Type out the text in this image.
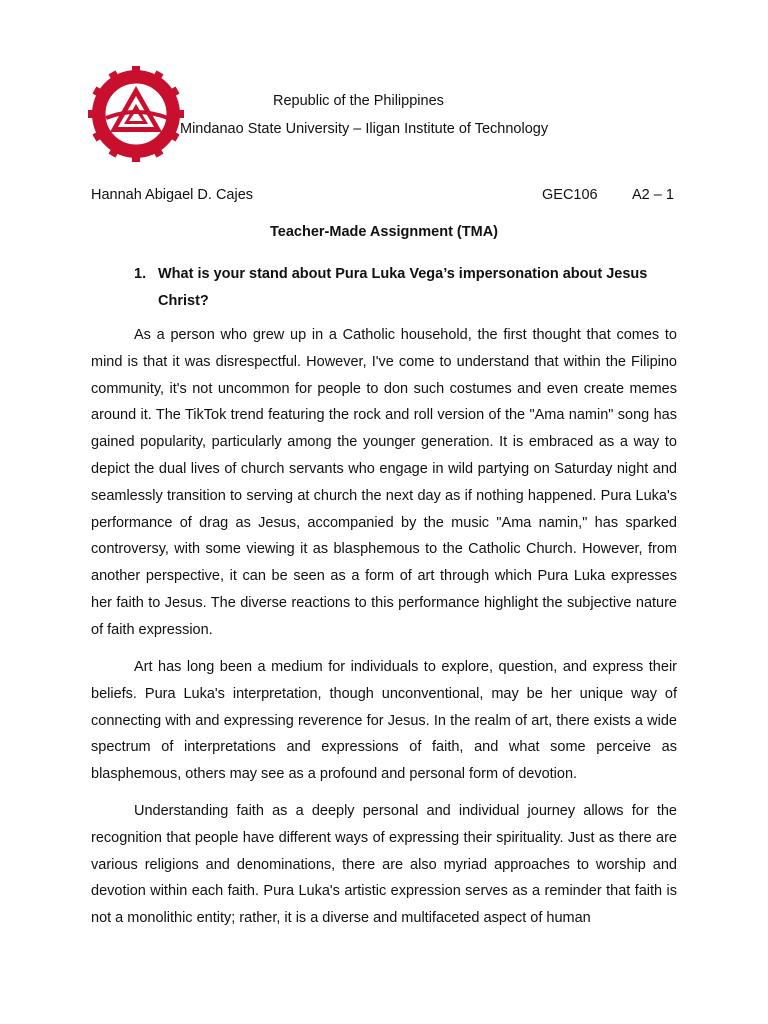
Republic of the Philippines
Mindanao State University – Iligan Institute of Technology
Hannah Abigael D. Cajes	GEC106 A2 – 1
Teacher-Made Assignment (TMA)
1. What is your stand about Pura Luka Vega’s impersonation about Jesus Christ?

As a person who grew up in a Catholic household, the first thought that comes to mind is that it was disrespectful. However, I've come to understand that within the Filipino community, it's not uncommon for people to don such costumes and even create memes around it. The TikTok trend featuring the rock and roll version of the "Ama namin" song has gained popularity, particularly among the younger generation. It is embraced as a way to depict the dual lives of church servants who engage in wild partying on Saturday night and seamlessly transition to serving at church the next day as if nothing happened. Pura Luka's performance of drag as Jesus, accompanied by the music "Ama namin," has sparked controversy, with some viewing it as blasphemous to the Catholic Church. However, from another perspective, it can be seen as a form of art through which Pura Luka expresses her faith to Jesus. The diverse reactions to this performance highlight the subjective nature of faith expression.

Art has long been a medium for individuals to explore, question, and express their beliefs. Pura Luka's interpretation, though unconventional, may be her unique way of connecting with and expressing reverence for Jesus. In the realm of art, there exists a wide spectrum of interpretations and expressions of faith, and what some perceive as blasphemous, others may see as a profound and personal form of devotion.

Understanding faith as a deeply personal and individual journey allows for the recognition that people have different ways of expressing their spirituality. Just as there are various religions and denominations, there are also myriad approaches to worship and devotion within each faith. Pura Luka's artistic expression serves as a reminder that faith is not a monolithic entity; rather, it is a diverse and multifaceted aspect of human
